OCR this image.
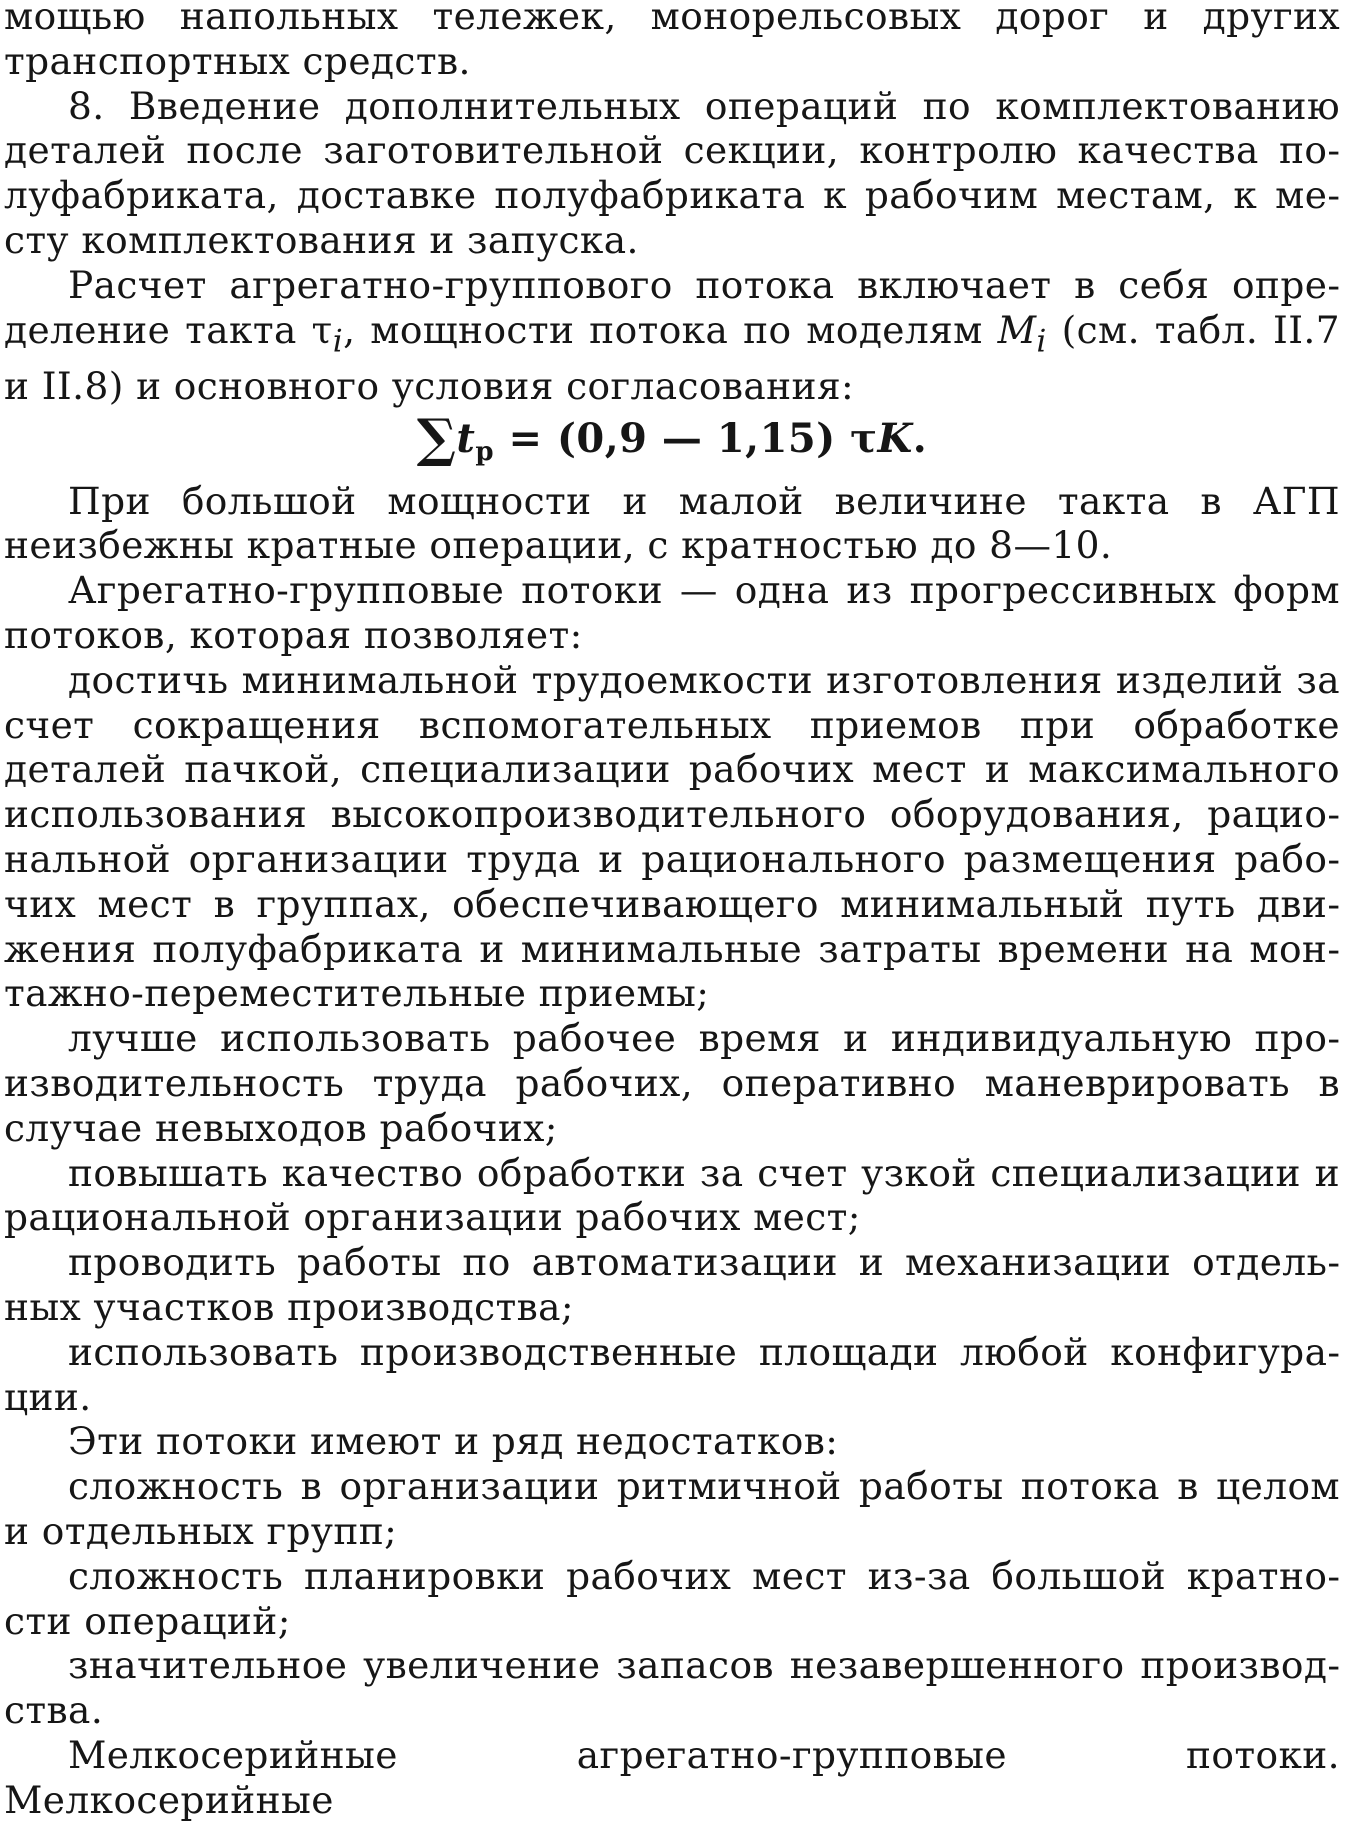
мощью напольных тележек, монорельсовых дорог и других транспортных средств.

8. Введение дополнительных операций по комплектованию деталей после заготовительной секции, контролю качества полуфабриката, доставке полуфабриката к рабочим местам, к месту комплектования и запуска.

Расчет агрегатно-группового потока включает в себя определение такта $\tau_i$, мощности потока по моделям $M_i$ (см. табл. II.7 и II.8) и основного условия согласования:

$\sum t_р = (0,9$ — 1,15) τK.

При большой мощности и малой величине такта в АГП неизбежны кратные операции, с кратностью до 8—10.

Агрегатно-групповые потоки — одна из прогрессивных форм потоков, которая позволяет:

достичь минимальной трудоемкости изготовления изделий за счет сокращения вспомогательных приемов при обработке деталей пачкой, специализации рабочих мест и максимального использования высокопроизводительного оборудования, рациональной организации труда и рационального размещения рабочих мест в группах, обеспечивающего минимальный путь движения полуфабриката и минимальные затраты времени на монтажно-переместительные приемы;

лучше использовать рабочее время и индивидуальную производительность труда рабочих, оперативно маневрировать в случае невыходов рабочих;

повышать качество обработки за счет узкой специализации и рациональной организации рабочих мест;

проводить работы по автоматизации и механизации отдельных участков производства;

использовать производственные площади любой конфигурации.

Эти потоки имеют и ряд недостатков:

сложность в организации ритмичной работы потока в целом и отдельных групп;

сложность планировки рабочих мест из-за большой кратности операций;

значительное увеличение запасов незавершенного производства.

Мелкосерийные агрегатно-групповые потоки. Мелкосерийные
